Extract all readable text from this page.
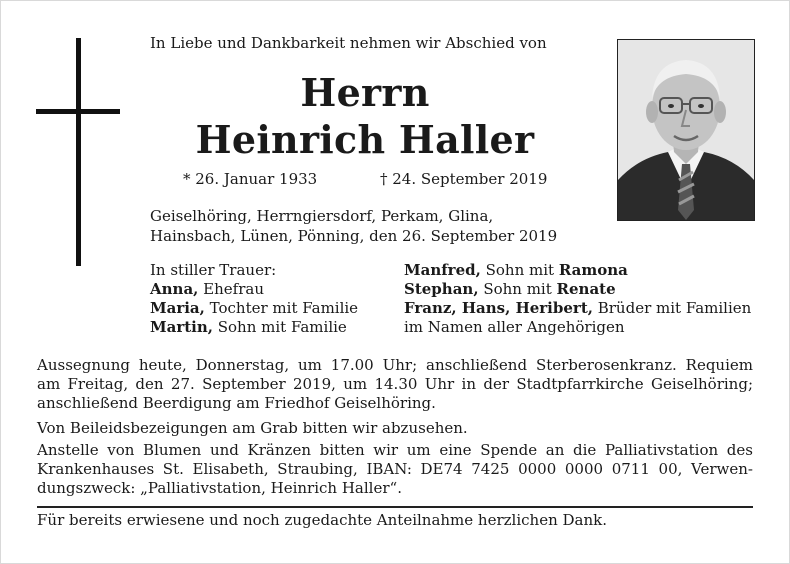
In Liebe und Dankbarkeit nehmen wir Abschied von
Herrn
Heinrich Haller
* 26. Januar 1933	† 24. September 2019
Geiselhöring, Herrngiersdorf, Perkam, Glina,
Hainsbach, Lünen, Pönning, den 26. September 2019
In stiller Trauer:
Anna, Ehefrau
Maria, Tochter mit Familie
Martin, Sohn mit Familie
Manfred, Sohn mit Ramona
Stephan, Sohn mit Renate
Franz, Hans, Heribert, Brüder mit Familien
im Namen aller Angehörigen
Aussegnung heute, Donnerstag, um 17.00 Uhr; anschließend Sterberosenkranz. Requiem
am Freitag, den 27. September 2019, um 14.30 Uhr in der Stadtpfarrkirche Geiselhöring;
anschließend Beerdigung am Friedhof Geiselhöring.
Von Beileidsbezeigungen am Grab bitten wir abzusehen.
Anstelle von Blumen und Kränzen bitten wir um eine Spende an die Palliativstation des
Krankenhauses St. Elisabeth, Straubing, IBAN: DE74 7425 0000 0000 0711 00, Verwen-
dungszweck: „Palliativstation, Heinrich Haller“.
Für bereits erwiesene und noch zugedachte Anteilnahme herzlichen Dank.
